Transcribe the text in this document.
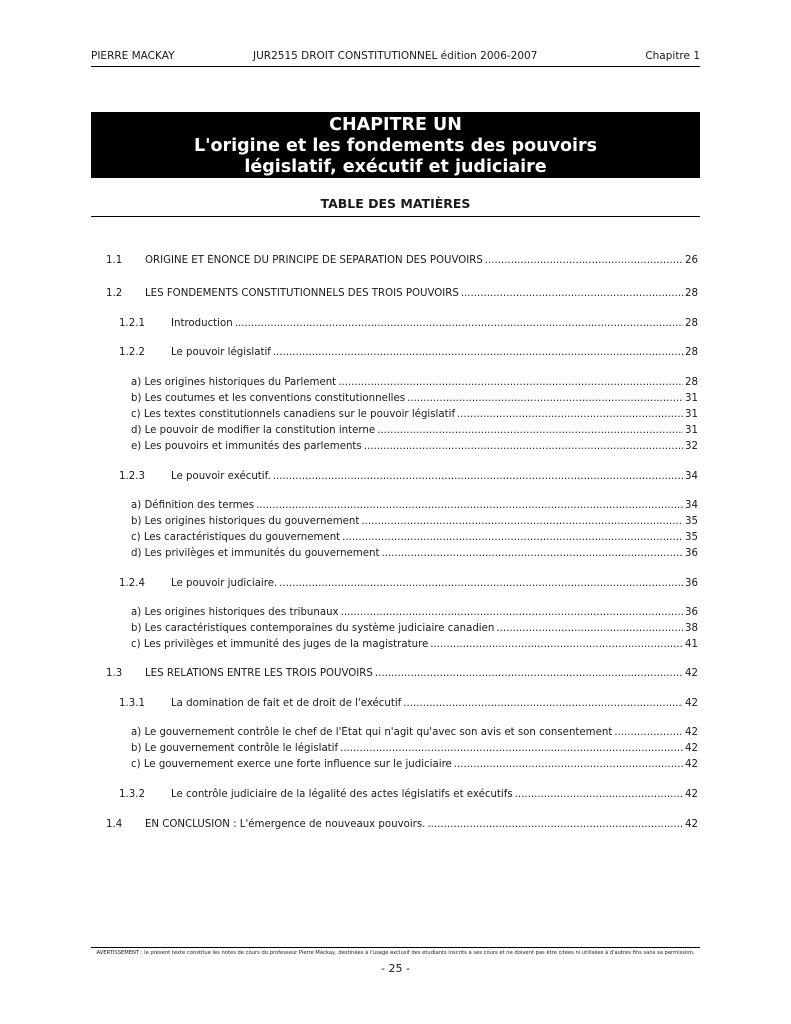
PIERRE MACKAY	JUR2515 DROIT CONSTITUTIONNEL édition 2006-2007	Chapitre 1
CHAPITRE UN
L'origine et les fondements des pouvoirs
législatif, exécutif et judiciaire
TABLE DES MATIÈRES
1.1 ORIGINE ET ÉNONCÉ DU PRINCIPE DE SEPARATION DES POUVOIRS .....	26
1.2 LES FONDEMENTS CONSTITUTIONNELS DES TROIS POUVOIRS .....	28
1.2.1	Introduction .....	28
1.2.2	Le pouvoir législatif .....	28
a) Les origines historiques du Parlement .....	28
b) Les coutumes et les conventions constitutionnelles .....	31
c) Les textes constitutionnels canadiens sur le pouvoir législatif .....	31
d) Le pouvoir de modifier la constitution interne .....	31
e) Les pouvoirs et immunités des parlements .....	32
1.2.3	Le pouvoir exécutif. .....	34
a) Définition des termes .....	34
b) Les origines historiques du gouvernement .....	35
c) Les caractéristiques du gouvernement .....	35
d) Les privilèges et immunités du gouvernement .....	36
1.2.4	Le pouvoir judiciaire. .....	36
a) Les origines historiques des tribunaux .....	36
b) Les caractéristiques contemporaines du système judiciaire canadien .....	38
c) Les privilèges et immunité des juges de la magistrature .....	41
1.3 LES RELATIONS ENTRE LES TROIS POUVOIRS .....	42
1.3.1	La domination de fait et de droit de l'exécutif .....	42
a) Le gouvernement contrôle le chef de l'État qui n'agit qu'avec son avis et son consentement .....	42
b) Le gouvernement contrôle le législatif .....	42
c) Le gouvernement exerce une forte influence sur le judiciaire .....	42
1.3.2	Le contrôle judiciaire de la légalité des actes législatifs et exécutifs .....	42
1.4 EN CONCLUSION : L'émergence de nouveaux pouvoirs. .....	42
AVERTISSEMENT : le présent texte constitue les notes de cours du professeur Pierre Mackay, destinées à l'usage exclusif des étudiants inscrits à ses cours et ne doivent pas être citées ni utilisées à d'autres fins sans sa permission.
- 25 -
